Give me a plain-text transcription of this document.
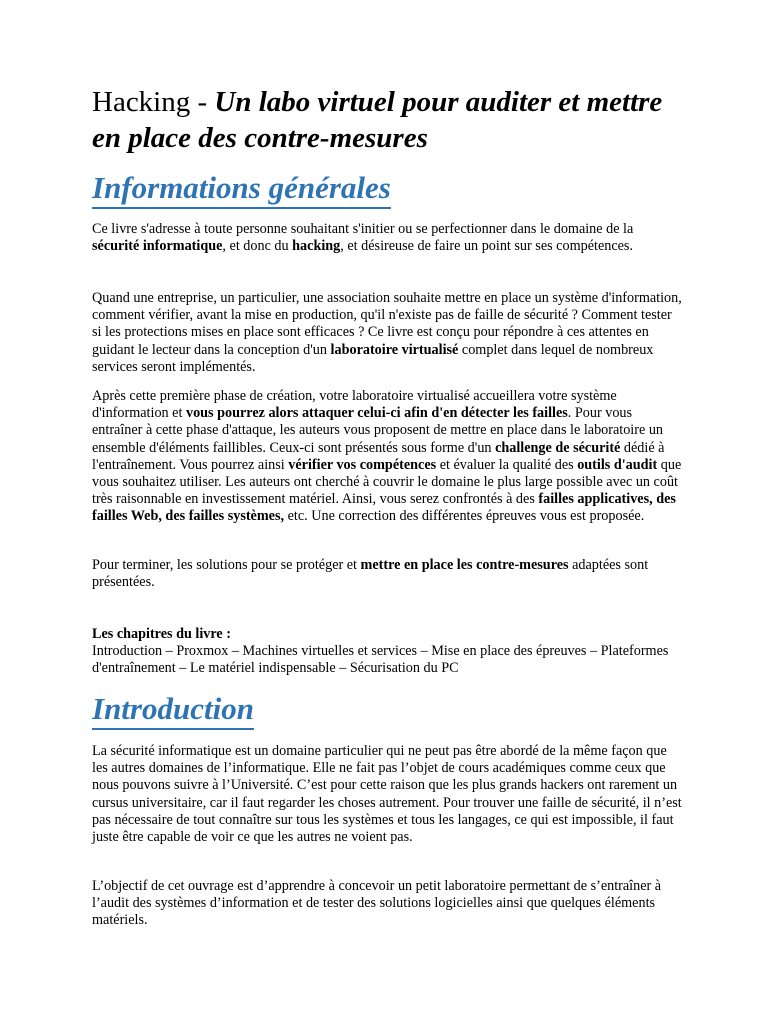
Hacking - Un labo virtuel pour auditer et mettre en place des contre-mesures
Informations générales

Ce livre s'adresse à toute personne souhaitant s'initier ou se perfectionner dans le domaine de la sécurité informatique, et donc du hacking, et désireuse de faire un point sur ses compétences.

Quand une entreprise, un particulier, une association souhaite mettre en place un système d'information, comment vérifier, avant la mise en production, qu'il n'existe pas de faille de sécurité ? Comment tester si les protections mises en place sont efficaces ? Ce livre est conçu pour répondre à ces attentes en guidant le lecteur dans la conception d'un laboratoire virtualisé complet dans lequel de nombreux services seront implémentés.

Après cette première phase de création, votre laboratoire virtualisé accueillera votre système d'information et vous pourrez alors attaquer celui-ci afin d'en détecter les failles. Pour vous entraîner à cette phase d'attaque, les auteurs vous proposent de mettre en place dans le laboratoire un ensemble d'éléments faillibles. Ceux-ci sont présentés sous forme d'un challenge de sécurité dédié à l'entraînement. Vous pourrez ainsi vérifier vos compétences et évaluer la qualité des outils d'audit que vous souhaitez utiliser. Les auteurs ont cherché à couvrir le domaine le plus large possible avec un coût très raisonnable en investissement matériel. Ainsi, vous serez confrontés à des failles applicatives, des failles Web, des failles systèmes, etc. Une correction des différentes épreuves vous est proposée.

Pour terminer, les solutions pour se protéger et mettre en place les contre-mesures adaptées sont présentées.

Les chapitres du livre :
Introduction – Proxmox – Machines virtuelles et services – Mise en place des épreuves – Plateformes d'entraînement – Le matériel indispensable – Sécurisation du PC

Introduction

La sécurité informatique est un domaine particulier qui ne peut pas être abordé de la même façon que les autres domaines de l’informatique. Elle ne fait pas l’objet de cours académiques comme ceux que nous pouvons suivre à l’Université. C’est pour cette raison que les plus grands hackers ont rarement un cursus universitaire, car il faut regarder les choses autrement. Pour trouver une faille de sécurité, il n’est pas nécessaire de tout connaître sur tous les systèmes et tous les langages, ce qui est impossible, il faut juste être capable de voir ce que les autres ne voient pas.

L’objectif de cet ouvrage est d’apprendre à concevoir un petit laboratoire permettant de s’entraîner à l’audit des systèmes d’information et de tester des solutions logicielles ainsi que quelques éléments matériels.
